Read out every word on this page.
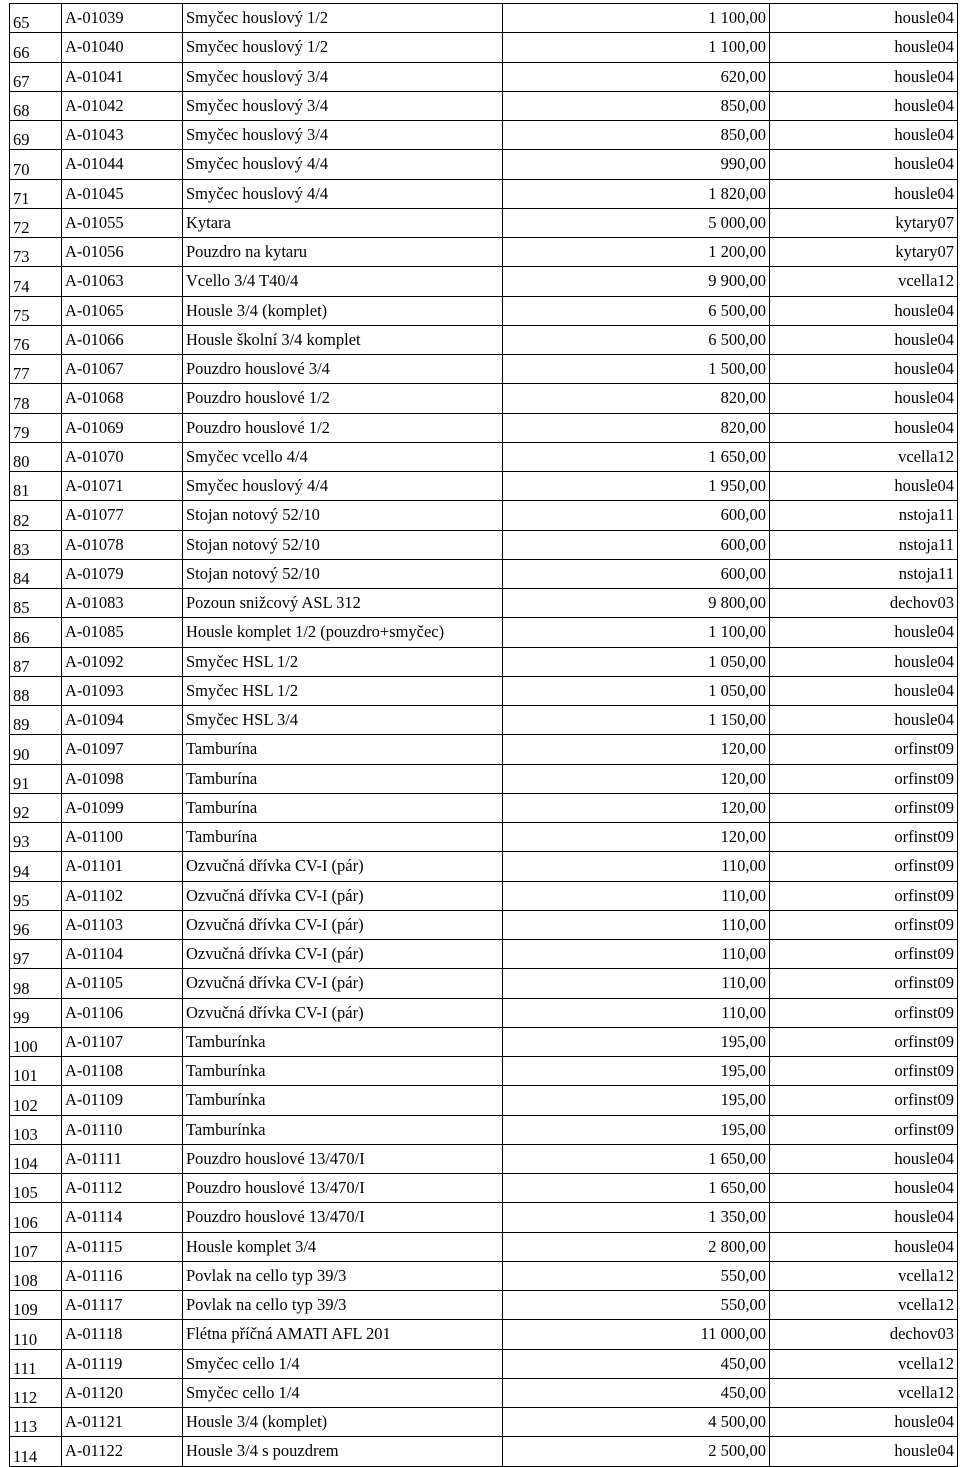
65	A-01039	Smyčec houslový 1/2	1 100,00	housle04
66	A-01040	Smyčec houslový 1/2	1 100,00	housle04
67	A-01041	Smyčec houslový 3/4	620,00	housle04
68	A-01042	Smyčec houslový 3/4	850,00	housle04
69	A-01043	Smyčec houslový 3/4	850,00	housle04
70	A-01044	Smyčec houslový 4/4	990,00	housle04
71	A-01045	Smyčec houslový 4/4	1 820,00	housle04
72	A-01055	Kytara	5 000,00	kytary07
73	A-01056	Pouzdro na kytaru	1 200,00	kytary07
74	A-01063	Vcello 3/4 T40/4	9 900,00	vcella12
75	A-01065	Housle 3/4 (komplet)	6 500,00	housle04
76	A-01066	Housle školní 3/4 komplet	6 500,00	housle04
77	A-01067	Pouzdro houslové 3/4	1 500,00	housle04
78	A-01068	Pouzdro houslové 1/2	820,00	housle04
79	A-01069	Pouzdro houslové 1/2	820,00	housle04
80	A-01070	Smyčec vcello 4/4	1 650,00	vcella12
81	A-01071	Smyčec houslový 4/4	1 950,00	housle04
82	A-01077	Stojan notový 52/10	600,00	nstoja11
83	A-01078	Stojan notový 52/10	600,00	nstoja11
84	A-01079	Stojan notový 52/10	600,00	nstoja11
85	A-01083	Pozoun snižcový ASL 312	9 800,00	dechov03
86	A-01085	Housle komplet 1/2 (pouzdro+smyčec)	1 100,00	housle04
87	A-01092	Smyčec HSL 1/2	1 050,00	housle04
88	A-01093	Smyčec HSL 1/2	1 050,00	housle04
89	A-01094	Smyčec HSL 3/4	1 150,00	housle04
90	A-01097	Tamburína	120,00	orfinst09
91	A-01098	Tamburína	120,00	orfinst09
92	A-01099	Tamburína	120,00	orfinst09
93	A-01100	Tamburína	120,00	orfinst09
94	A-01101	Ozvučná dřívka CV-I (pár)	110,00	orfinst09
95	A-01102	Ozvučná dřívka CV-I (pár)	110,00	orfinst09
96	A-01103	Ozvučná dřívka CV-I (pár)	110,00	orfinst09
97	A-01104	Ozvučná dřívka CV-I (pár)	110,00	orfinst09
98	A-01105	Ozvučná dřívka CV-I (pár)	110,00	orfinst09
99	A-01106	Ozvučná dřívka CV-I (pár)	110,00	orfinst09
100	A-01107	Tamburínka	195,00	orfinst09
101	A-01108	Tamburínka	195,00	orfinst09
102	A-01109	Tamburínka	195,00	orfinst09
103	A-01110	Tamburínka	195,00	orfinst09
104	A-01111	Pouzdro houslové 13/470/I	1 650,00	housle04
105	A-01112	Pouzdro houslové 13/470/I	1 650,00	housle04
106	A-01114	Pouzdro houslové 13/470/I	1 350,00	housle04
107	A-01115	Housle komplet 3/4	2 800,00	housle04
108	A-01116	Povlak na cello typ 39/3	550,00	vcella12
109	A-01117	Povlak na cello typ 39/3	550,00	vcella12
110	A-01118	Flétna příčná AMATI AFL 201	11 000,00	dechov03
111	A-01119	Smyčec cello 1/4	450,00	vcella12
112	A-01120	Smyčec cello 1/4	450,00	vcella12
113	A-01121	Housle 3/4 (komplet)	4 500,00	housle04
114	A-01122	Housle 3/4 s pouzdrem	2 500,00	housle04
